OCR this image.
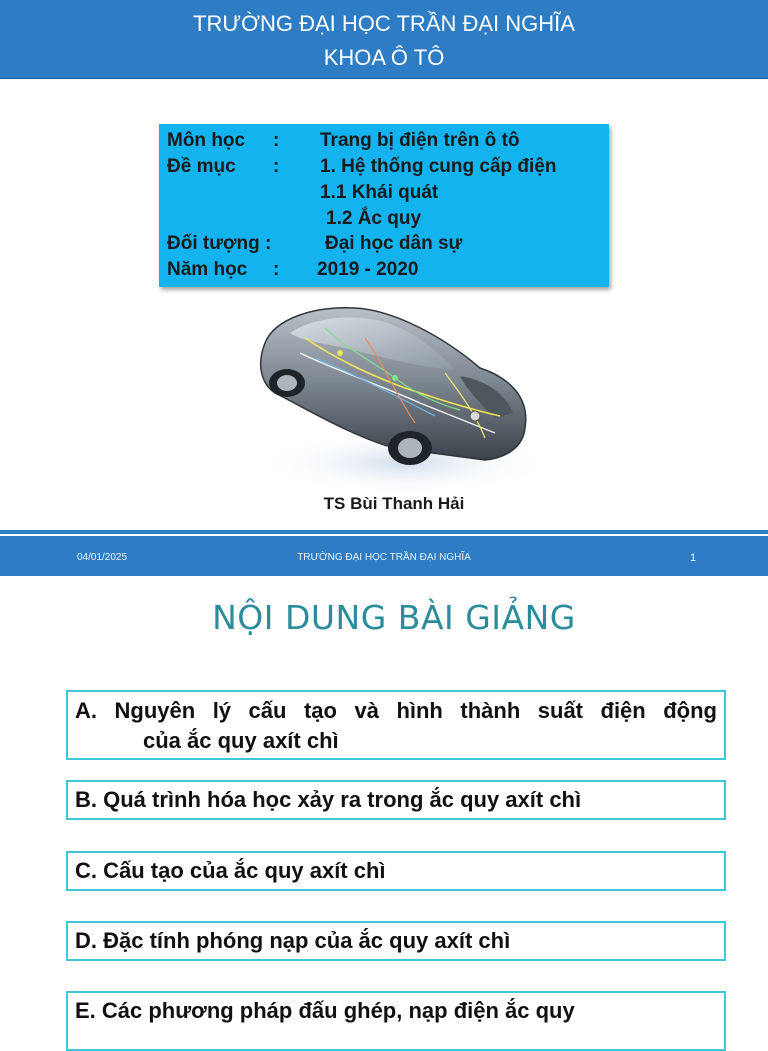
TRƯỜNG ĐẠI HỌC TRẦN ĐẠI NGHĨA
KHOA Ô TÔ
Môn học : Trang bị điện trên ô tô
Đề mục : 1. Hệ thống cung cấp điện
1.1 Khái quát
1.2 Ắc quy
Đối tượng :	Đại học dân sự
Năm học : 2019 - 2020
TS Bùi Thanh Hải
04/01/2025	TRƯỜNG ĐẠI HỌC TRẦN ĐẠI NGHĨA	1
NỘI DUNG BÀI GIẢNG
A. Nguyên lý cấu tạo và hình thành suất điện động
của ắc quy axít chì
B. Quá trình hóa học xảy ra trong ắc quy axít chì
C. Cấu tạo của ắc quy axít chì
D. Đặc tính phóng nạp của ắc quy axít chì
E. Các phương pháp đấu ghép, nạp điện ắc quy
